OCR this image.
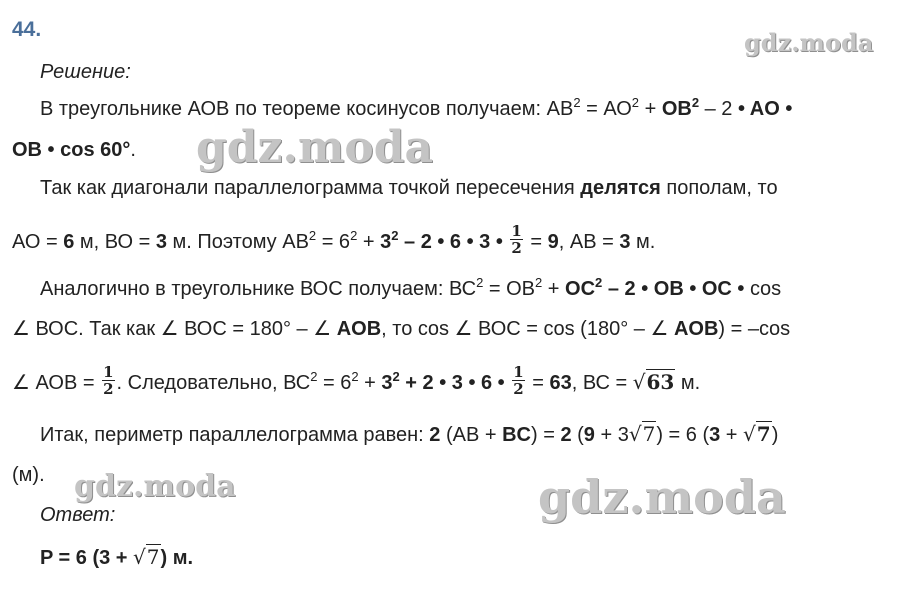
gdz.moda
gdz.moda
gdz.moda	gdz.moda
44.
Решение:
В треугольнике АОВ по теореме косинусов получаем: $АВ^2 = АО^2 + OB^2 - 2$ • AO •
OB • cos 60°.
Так как диагонали параллелограмма точкой пересечения делятся пополам, то
АО = 6 м, ВО = 3 м. Поэтому $АВ^2 = 6^2 + 3^2 - 2$ • 6 • 3 • $\frac{1}{2} = 9$, АВ = 3 м.
Аналогично в треугольнике ВОС получаем: $ВС^2 = ОВ^2 + OC^2 - 2$ • OB • OC • cos
∠ ВОС. Так как ∠ ВОС = 180° – ∠ AOB, то cos ∠ ВОС = cos (180° – ∠ AOB) = –cos
∠ АОВ = $\frac{1}{2}$ . Следовательно, $ВС^2 = 6^2 + 3^2 + 2$ • 3 • 6 • $\frac{1}{2} = 63$, ВС = √63 м.
Итак, периметр параллелограмма равен: 2 (АВ + BC) = 2 (9 + 3√7) = 6 (3 + √7)
(м).
Ответ:
P = 6 (3 + √7) м.
